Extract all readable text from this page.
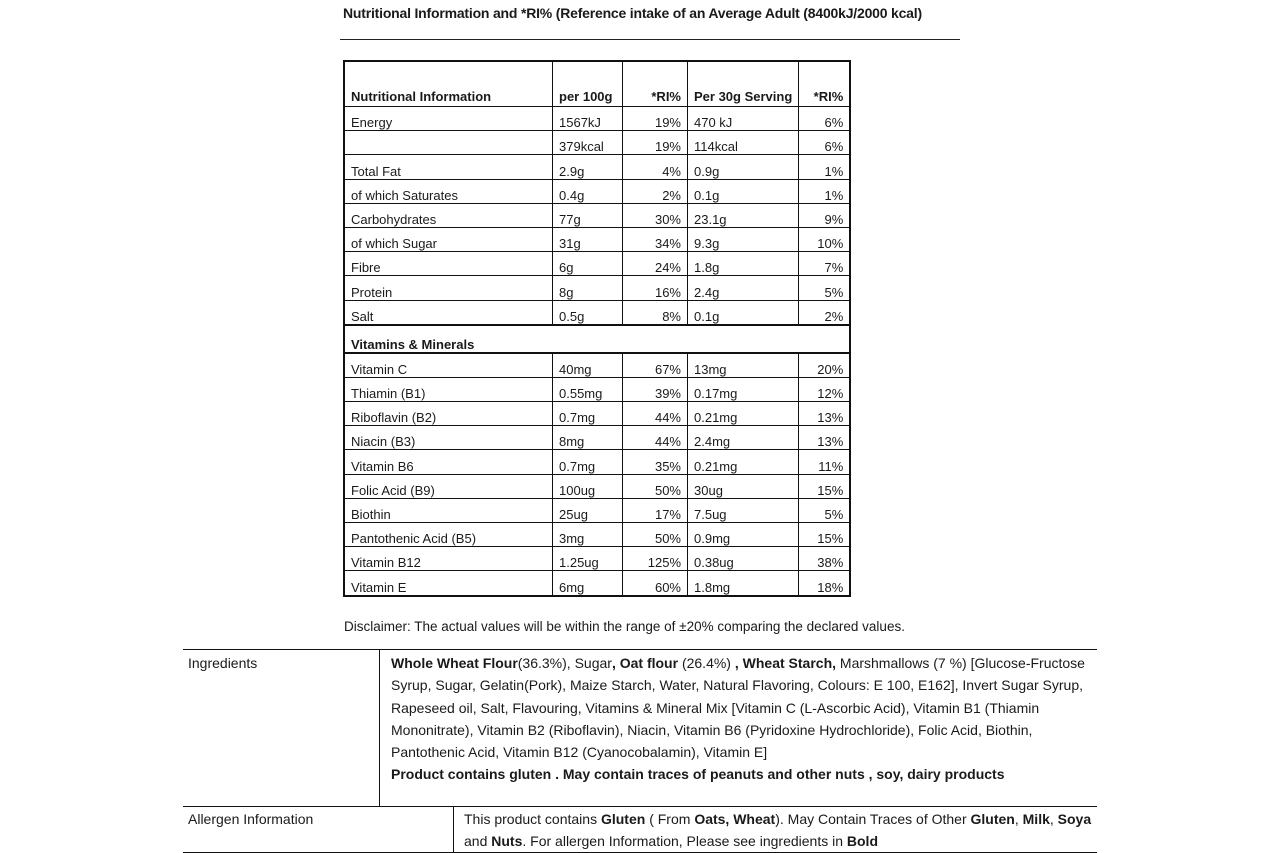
Nutritional Information and *RI% (Reference intake of an Average Adult (8400kJ/2000 kcal)
Nutritional Information	per 100g	*RI%	Per 30g Serving	*RI%
Energy	1567kJ	19%	470 kJ	6%
	379kcal	19%	114kcal	6%
Total Fat	2.9g	4%	0.9g	1%
of which Saturates	0.4g	2%	0.1g	1%
Carbohydrates	77g	30%	23.1g	9%
of which Sugar	31g	34%	9.3g	10%
Fibre	6g	24%	1.8g	7%
Protein	8g	16%	2.4g	5%
Salt	0.5g	8%	0.1g	2%
Vitamins & Minerals				
Vitamin C	40mg	67%	13mg	20%
Thiamin (B1)	0.55mg	39%	0.17mg	12%
Riboflavin (B2)	0.7mg	44%	0.21mg	13%
Niacin (B3)	8mg	44%	2.4mg	13%
Vitamin B6	0.7mg	35%	0.21mg	11%
Folic Acid (B9)	100ug	50%	30ug	15%
Biothin	25ug	17%	7.5ug	5%
Pantothenic Acid (B5)	3mg	50%	0.9mg	15%
Vitamin B12	1.25ug	125%	0.38ug	38%
Vitamin E	6mg	60%	1.8mg	18%
Disclaimer: The actual values will be within the range of ±20% comparing the declared values.
Ingredients	Whole Wheat Flour(36.3%), Sugar, Oat flour (26.4%) , Wheat Starch, Marshmallows (7 %) [Glucose-Fructose Syrup, Sugar, Gelatin(Pork), Maize Starch, Water, Natural Flavoring, Colours: E 100, E162], Invert Sugar Syrup, Rapeseed oil, Salt, Flavouring, Vitamins & Mineral Mix [Vitamin C (L-Ascorbic Acid), Vitamin B1 (Thiamin Mononitrate), Vitamin B2 (Riboflavin), Niacin, Vitamin B6 (Pyridoxine Hydrochloride), Folic Acid, Biothin, Pantothenic Acid, Vitamin B12 (Cyanocobalamin), Vitamin E]
Product contains gluten . May contain traces of peanuts and other nuts , soy, dairy products
Allergen Information	This product contains Gluten ( From Oats, Wheat). May Contain Traces of Other Gluten, Milk, Soya and Nuts. For allergen Information, Please see ingredients in Bold
